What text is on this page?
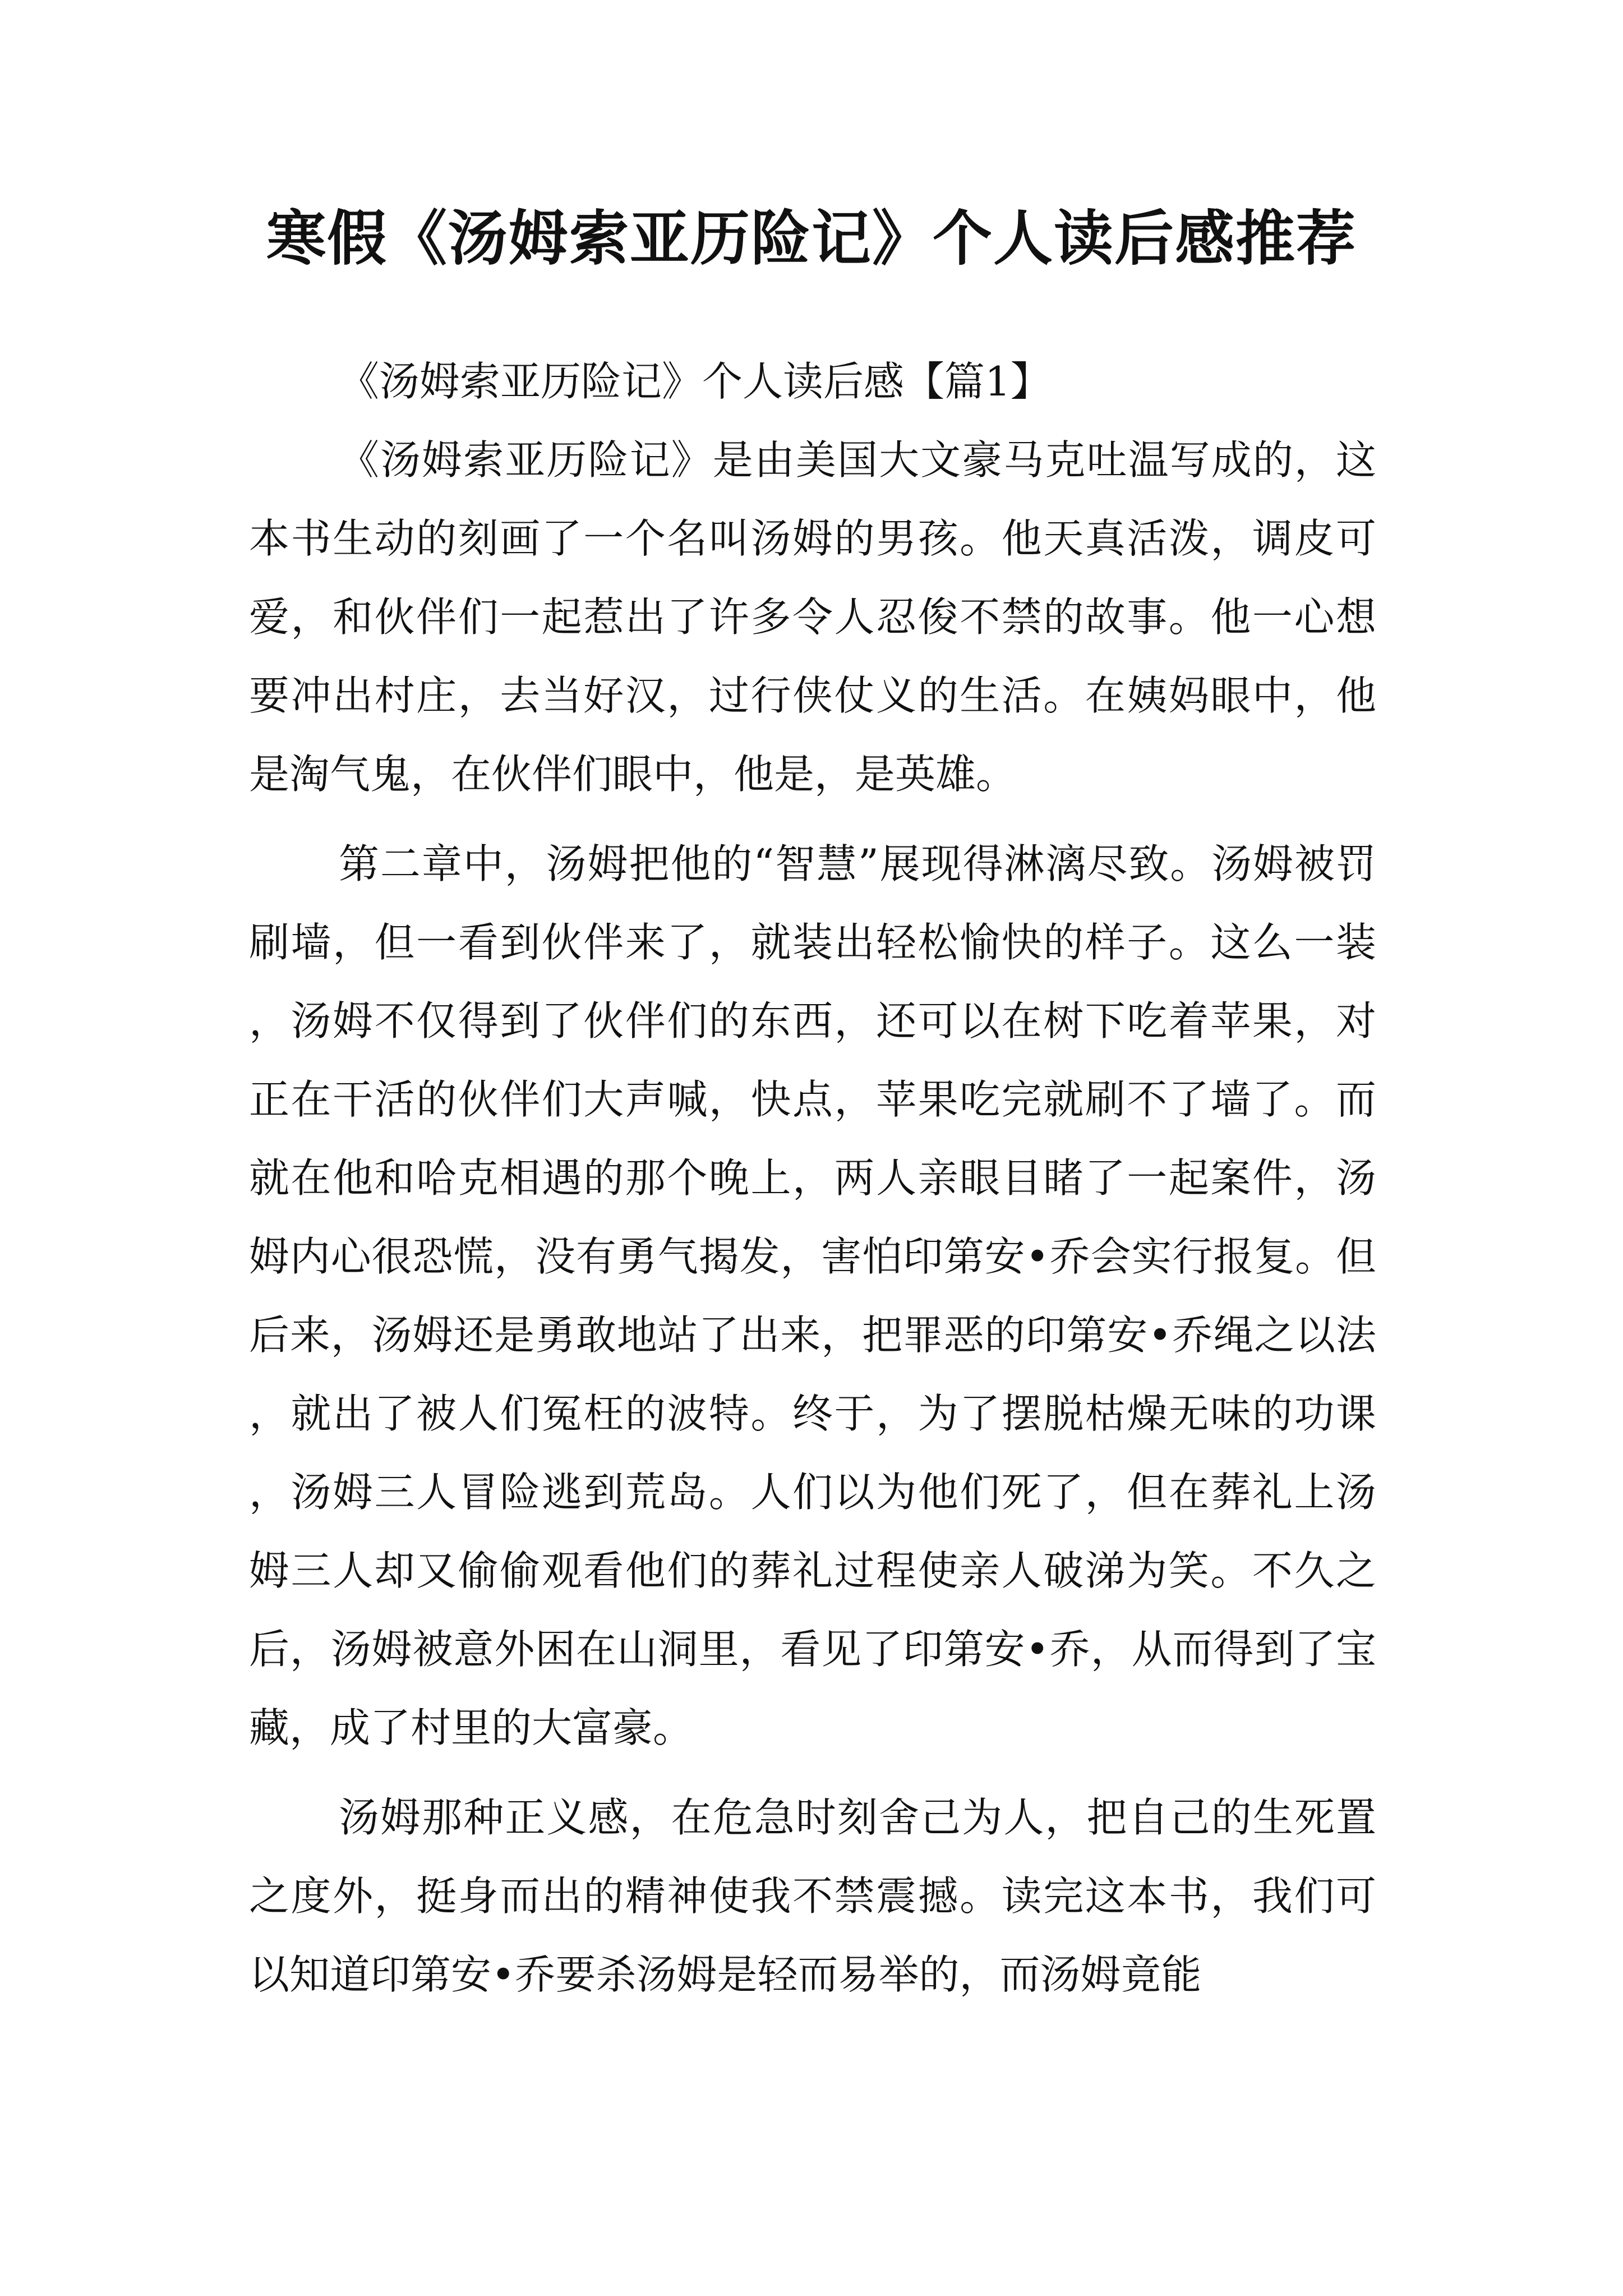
寒假《汤姆索亚历险记》个人读后感推荐

《汤姆索亚历险记》个人读后感【篇1】

《汤姆索亚历险记》是由美国大文豪马克吐温写成的，这本书生动的刻画了一个名叫汤姆的男孩。他天真活泼，调皮可爱，和伙伴们一起惹出了许多令人忍俊不禁的故事。他一心想要冲出村庄，去当好汉，过行侠仗义的生活。在姨妈眼中，他是淘气鬼，在伙伴们眼中，他是，是英雄。

第二章中，汤姆把他的“智慧”展现得淋漓尽致。汤姆被罚刷墙，但一看到伙伴来了，就装出轻松愉快的样子。这么一装，汤姆不仅得到了伙伴们的东西，还可以在树下吃着苹果，对正在干活的伙伴们大声喊，快点，苹果吃完就刷不了墙了。而就在他和哈克相遇的那个晚上，两人亲眼目睹了一起案件，汤姆内心很恐慌，没有勇气揭发，害怕印第安•乔会实行报复。但后来，汤姆还是勇敢地站了出来，把罪恶的印第安•乔绳之以法，就出了被人们冤枉的波特。终于，为了摆脱枯燥无味的功课，汤姆三人冒险逃到荒岛。人们以为他们死了，但在葬礼上汤姆三人却又偷偷观看他们的葬礼过程使亲人破涕为笑。不久之后，汤姆被意外困在山洞里，看见了印第安•乔，从而得到了宝藏，成了村里的大富豪。

汤姆那种正义感，在危急时刻舍己为人，把自己的生死置之度外，挺身而出的精神使我不禁震撼。读完这本书，我们可以知道印第安•乔要杀汤姆是轻而易举的，而汤姆竟能
